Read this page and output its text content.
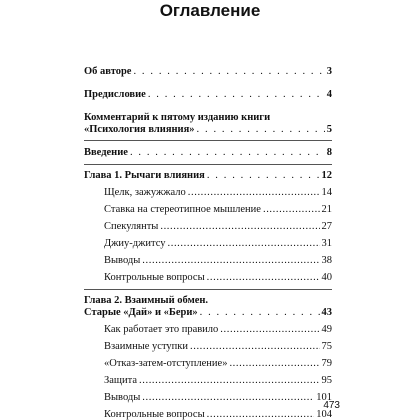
Оглавление
Об авторе . . .	3
Предисловие . . .	4
Комментарий к пятому изданию книги
«Психология влияния» . . .	5
Введение . . .	8
Глава 1. Рычаги влияния . . .	12
Щелк, зажужжало .....	14
Ставка на стереотипное мышление .....	21
Спекулянты .....	27
Джиу-джитсу .....	31
Выводы .....	38
Контрольные вопросы .....	40
Глава 2. Взаимный обмен.
Старые «Дай» и «Бери» . . .	43
Как работает это правило .....	49
Взаимные уступки .....	75
«Отказ-затем-отступление» .....	79
Защита .....	95
Выводы .....	101
Контрольные вопросы .....	104
473
